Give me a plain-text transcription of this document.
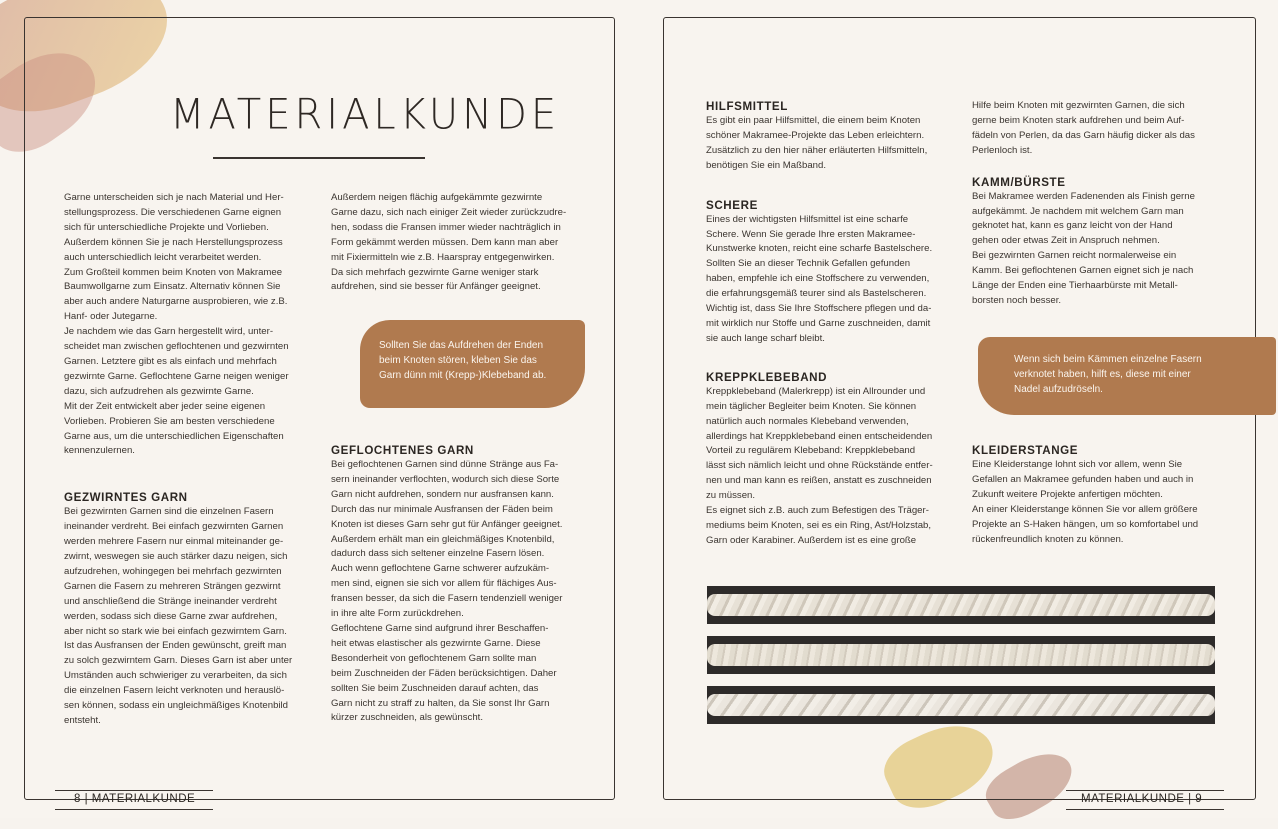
MATERIALKUNDE

Garne unterscheiden sich je nach Material und Her-

stellungsprozess. Die verschiedenen Garne eignen

sich für unterschiedliche Projekte und Vorlieben.

Außerdem können Sie je nach Herstellungsprozess

auch unterschiedlich leicht verarbeitet werden.

Zum Großteil kommen beim Knoten von Makramee

Baumwollgarne zum Einsatz. Alternativ können Sie

aber auch andere Naturgarne ausprobieren, wie z.B.

Hanf- oder Jutegarne.

Je nachdem wie das Garn hergestellt wird, unter-

scheidet man zwischen geflochtenen und gezwirnten

Garnen. Letztere gibt es als einfach und mehrfach

gezwirnte Garne. Geflochtene Garne neigen weniger

dazu, sich aufzudrehen als gezwirnte Garne.

Mit der Zeit entwickelt aber jeder seine eigenen

Vorlieben. Probieren Sie am besten verschiedene

Garne aus, um die unterschiedlichen Eigenschaften

kennenzulernen.

GEZWIRNTES GARN

Bei gezwirnten Garnen sind die einzelnen Fasern

ineinander verdreht. Bei einfach gezwirnten Garnen

werden mehrere Fasern nur einmal miteinander ge-

zwirnt, weswegen sie auch stärker dazu neigen, sich

aufzudrehen, wohingegen bei mehrfach gezwirnten

Garnen die Fasern zu mehreren Strängen gezwirnt

und anschließend die Stränge ineinander verdreht

werden, sodass sich diese Garne zwar aufdrehen,

aber nicht so stark wie bei einfach gezwirntem Garn.

Ist das Ausfransen der Enden gewünscht, greift man

zu solch gezwirntem Garn. Dieses Garn ist aber unter

Umständen auch schwieriger zu verarbeiten, da sich

die einzelnen Fasern leicht verknoten und herauslö-

sen können, sodass ein ungleichmäßiges Knotenbild

entsteht.

Außerdem neigen flächig aufgekämmte gezwirnte

Garne dazu, sich nach einiger Zeit wieder zurückzudre-

hen, sodass die Fransen immer wieder nachträglich in

Form gekämmt werden müssen. Dem kann man aber

mit Fixiermitteln wie z.B. Haarspray entgegenwirken.

Da sich mehrfach gezwirnte Garne weniger stark

aufdrehen, sind sie besser für Anfänger geeignet.

Sollten Sie das Aufdrehen der Enden

beim Knoten stören, kleben Sie das

Garn dünn mit (Krepp-)Klebeband ab.

GEFLOCHTENES GARN

Bei geflochtenen Garnen sind dünne Stränge aus Fa-

sern ineinander verflochten, wodurch sich diese Sorte

Garn nicht aufdrehen, sondern nur ausfransen kann.

Durch das nur minimale Ausfransen der Fäden beim

Knoten ist dieses Garn sehr gut für Anfänger geeignet.

Außerdem erhält man ein gleichmäßiges Knotenbild,

dadurch dass sich seltener einzelne Fasern lösen.

Auch wenn geflochtene Garne schwerer aufzukäm-

men sind, eignen sie sich vor allem für flächiges Aus-

fransen besser, da sich die Fasern tendenziell weniger

in ihre alte Form zurückdrehen.

Geflochtene Garne sind aufgrund ihrer Beschaffen-

heit etwas elastischer als gezwirnte Garne. Diese

Besonderheit von geflochtenem Garn sollte man

beim Zuschneiden der Fäden berücksichtigen. Daher

sollten Sie beim Zuschneiden darauf achten, das

Garn nicht zu straff zu halten, da Sie sonst Ihr Garn

kürzer zuschneiden, als gewünscht.

HILFSMITTEL

Es gibt ein paar Hilfsmittel, die einem beim Knoten

schöner Makramee-Projekte das Leben erleichtern.

Zusätzlich zu den hier näher erläuterten Hilfsmitteln,

benötigen Sie ein Maßband.

SCHERE

Eines der wichtigsten Hilfsmittel ist eine scharfe

Schere. Wenn Sie gerade Ihre ersten Makramee-

Kunstwerke knoten, reicht eine scharfe Bastelschere.

Sollten Sie an dieser Technik Gefallen gefunden

haben, empfehle ich eine Stoffschere zu verwenden,

die erfahrungsgemäß teurer sind als Bastelscheren.

Wichtig ist, dass Sie Ihre Stoffschere pflegen und da-

mit wirklich nur Stoffe und Garne zuschneiden, damit

sie auch lange scharf bleibt.

KREPPKLEBEBAND

Kreppklebeband (Malerkrepp) ist ein Allrounder und

mein täglicher Begleiter beim Knoten. Sie können

natürlich auch normales Klebeband verwenden,

allerdings hat Kreppklebeband einen entscheidenden

Vorteil zu regulärem Klebeband: Kreppklebeband

lässt sich nämlich leicht und ohne Rückstände entfer-

nen und man kann es reißen, anstatt es zuschneiden

zu müssen.

Es eignet sich z.B. auch zum Befestigen des Träger-

mediums beim Knoten, sei es ein Ring, Ast/Holzstab,

Garn oder Karabiner. Außerdem ist es eine große

Hilfe beim Knoten mit gezwirnten Garnen, die sich

gerne beim Knoten stark aufdrehen und beim Auf-

fädeln von Perlen, da das Garn häufig dicker als das

Perlenloch ist.

KAMM/BÜRSTE

Bei Makramee werden Fadenenden als Finish gerne

aufgekämmt. Je nachdem mit welchem Garn man

geknotet hat, kann es ganz leicht von der Hand

gehen oder etwas Zeit in Anspruch nehmen.

Bei gezwirnten Garnen reicht normalerweise ein

Kamm. Bei geflochtenen Garnen eignet sich je nach

Länge der Enden eine Tierhaarbürste mit Metall-

borsten noch besser.

Wenn sich beim Kämmen einzelne Fasern

verknotet haben, hilft es, diese mit einer

Nadel aufzudröseln.

KLEIDERSTANGE

Eine Kleiderstange lohnt sich vor allem, wenn Sie

Gefallen an Makramee gefunden haben und auch in

Zukunft weitere Projekte anfertigen möchten.

An einer Kleiderstange können Sie vor allem größere

Projekte an S-Haken hängen, um so komfortabel und

rückenfreundlich knoten zu können.

8 | MATERIALKUNDE	MATERIALKUNDE | 9
